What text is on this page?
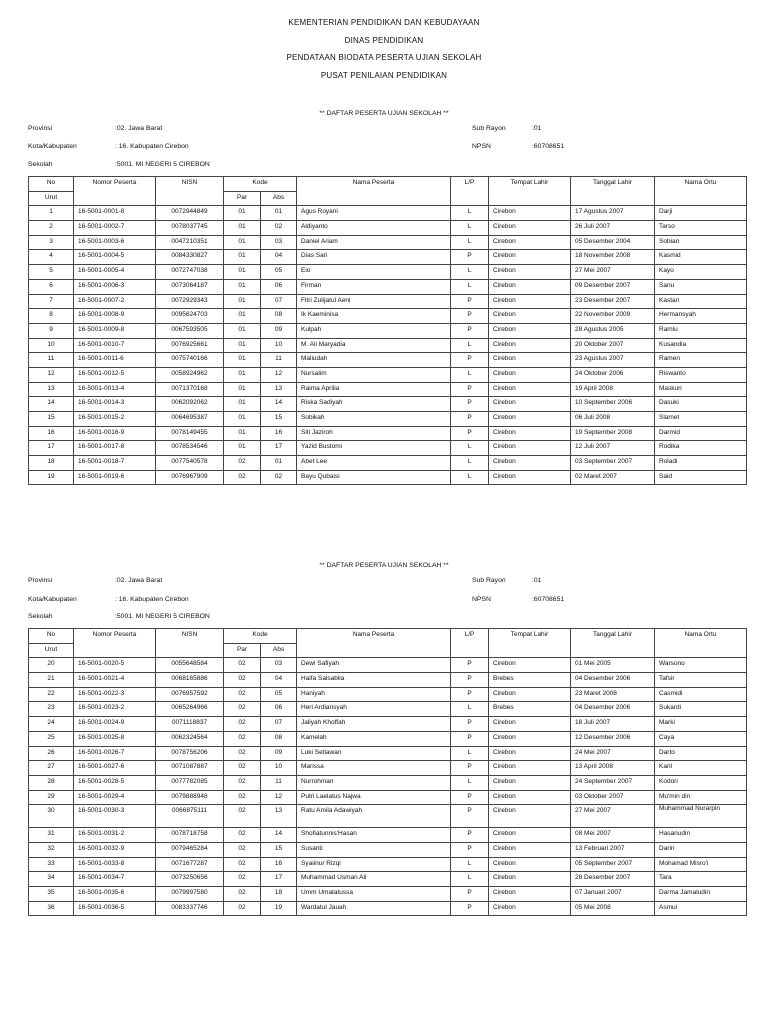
KEMENTERIAN PENDIDIKAN DAN KEBUDAYAAN
DINAS PENDIDIKAN
PENDATAAN BIODATA PESERTA UJIAN SEKOLAH
PUSAT PENILAIAN PENDIDIKAN
** DAFTAR PESERTA UJIAN SEKOLAH **
Provinsi	:02. Jawa Barat	Sub Rayon	:01
Kota/Kabupaten	: 16. Kabupaten Cirebon	NPSN	:60708651
Sekolah	:5001. MI NEGERI 5 CIREBON
No	Nomor Peserta	NISN	Kode		Nama Peserta	L/P	Tempat Lahir	Tanggal Lahir	Nama Ortu
Urut			Par	Abs					
1	16-5001-0001-8	0072944849	01	01	Agus Royani	L	Cirebon	17 Agustus 2007	Darji
2	16-5001-0002-7	0078037745	01	02	Aldiyanto	L	Cirebon	26 Juli 2007	Tarso
3	16-5001-0003-6	0047210351	01	03	Daniel Ariam	L	Cirebon	05 Desember 2004	Sobian
4	16-5001-0004-5	0084330827	01	04	Dias Sari	P	Cirebon	18 November 2008	Kasmid
5	16-5001-0005-4	0072747038	01	05	Eio	L	Cirebon	27 Mei 2007	Kayo
6	16-5001-0006-3	0073064187	01	06	Firman	L	Cirebon	09 Desember 2007	Sanu
7	16-5001-0007-2	0072929343	01	07	Fitri Zulijatul Aeni	P	Cirebon	23 Desember 2007	Kastari
8	16-5001-0008-9	0095624703	01	08	Ik Kaeminisa	P	Cirebon	22 November 2009	Hermansyah
9	16-5001-0009-8	0067593505	01	09	Kulpah	P	Cirebon	28 Agustus 2005	Ramlu
10	16-5001-0010-7	0076925661	01	10	M. Ali Maryadia	L	Cirebon	20 Oktober 2007	Kusandia
11	16-5001-0011-6	0075740166	01	11	Maliudah	P	Cirebon	23 Agustus 2007	Ramen
12	16-5001-0012-5	0058924962	01	12	Nursalim	L	Cirebon	24 Oktober 2006	Riswanto
13	16-5001-0013-4	0071370168	01	13	Raima Aprilia	P	Cirebon	19 April 2008	Maskuri
14	16-5001-0014-3	0062092062	01	14	Riska Sadiyah	P	Cirebon	10 September 2006	Dasuki
15	16-5001-0015-2	0064695387	01	15	Sobikah	P	Cirebon	06 Juli 2008	Slamet
16	16-5001-0016-9	0078149455	01	16	Siti Jaziroh	P	Cirebon	19 September 2008	Darmid
17	16-5001-0017-8	0078534546	01	17	Yazid Bustomi	L	Cirebon	12 Juli 2007	Rodika
18	16-5001-0018-7	0077540578	02	01	Abet Lee	L	Cirebon	03 September 2007	Roladi
19	16-5001-0019-6	0076967909	02	02	Bayu Qubaisi	L	Cirebon	02 Maret 2007	Said
** DAFTAR PESERTA UJIAN SEKOLAH **
Provinsi	:02. Jawa Barat	Sub Rayon	:01
Kota/Kabupaten	: 16. Kabupaten Cirebon	NPSN	:60708651
Sekolah	:5001. MI NEGERI 5 CIREBON
No	Nomor Peserta	NISN	Kode		Nama Peserta	L/P	Tempat Lahir	Tanggal Lahir	Nama Ortu
Urut			Par	Abs					
20	16-5001-0020-5	0055648584	02	03	Dewi Safiyah	P	Cirebon	01 Mei 2005	Warsono
21	16-5001-0021-4	0068165886	02	04	Haifa Salsabila	P	Brebes	04 Desember 2006	Tafsir
22	16-5001-0022-3	0076957592	02	05	Haniyah	P	Cirebon	23 Maret 2008	Casmidi
23	16-5001-0023-2	0065264966	02	06	Heri Ardiansyah	L	Brebes	04 Desember 2006	Sukardi
24	16-5001-0024-9	0071118837	02	07	Jaliyah Khoffah	P	Cirebon	18 Juli 2007	Marki
25	16-5001-0025-8	0062324564	02	08	Kamelah	P	Cirebon	12 Desember 2006	Caya
26	16-5001-0026-7	0078756206	02	09	Luki Setiawan	L	Cirebon	24 Mei 2007	Darto
27	16-5001-0027-6	0071087887	02	10	Marissa	P	Cirebon	13 April 2008	Karil
28	16-5001-0028-5	0077782085	02	11	Nurrohman	L	Cirebon	24 September 2007	Kodori
29	16-5001-0029-4	0079888948	02	12	Putri Laelatus Najwa	P	Cirebon	03 Oktober 2007	Mu'min din
30	16-5001-0030-3	0066875111	02	13	Ratu Amila Adawiyah	P	Cirebon	27 Mei 2007	Muhammad Nurarpin
31	16-5001-0031-2	0078718758	02	14	Shofiatunnis'Hasan	P	Cirebon	08 Mei 2007	Hasanudin
32	16-5001-0032-9	0079465284	02	15	Susanti	P	Cirebon	13 Februari 2007	Darin
33	16-5001-0033-8	0071677287	02	16	Syaiinur Rizqi	L	Cirebon	05 September 2007	Mohamad Misro'i
34	16-5001-0034-7	0073250656	02	17	Muhammad Usman Ali	L	Cirebon	28 Desember 2007	Tara
35	16-5001-0035-6	0079997580	02	18	Umm Umatatussa	P	Cirebon	07 Januari 2007	Darma Jamaludin
36	16-5001-0036-5	0083337746	02	19	Wardatul Jauah	P	Cirebon	05 Mei 2008	Asmui
